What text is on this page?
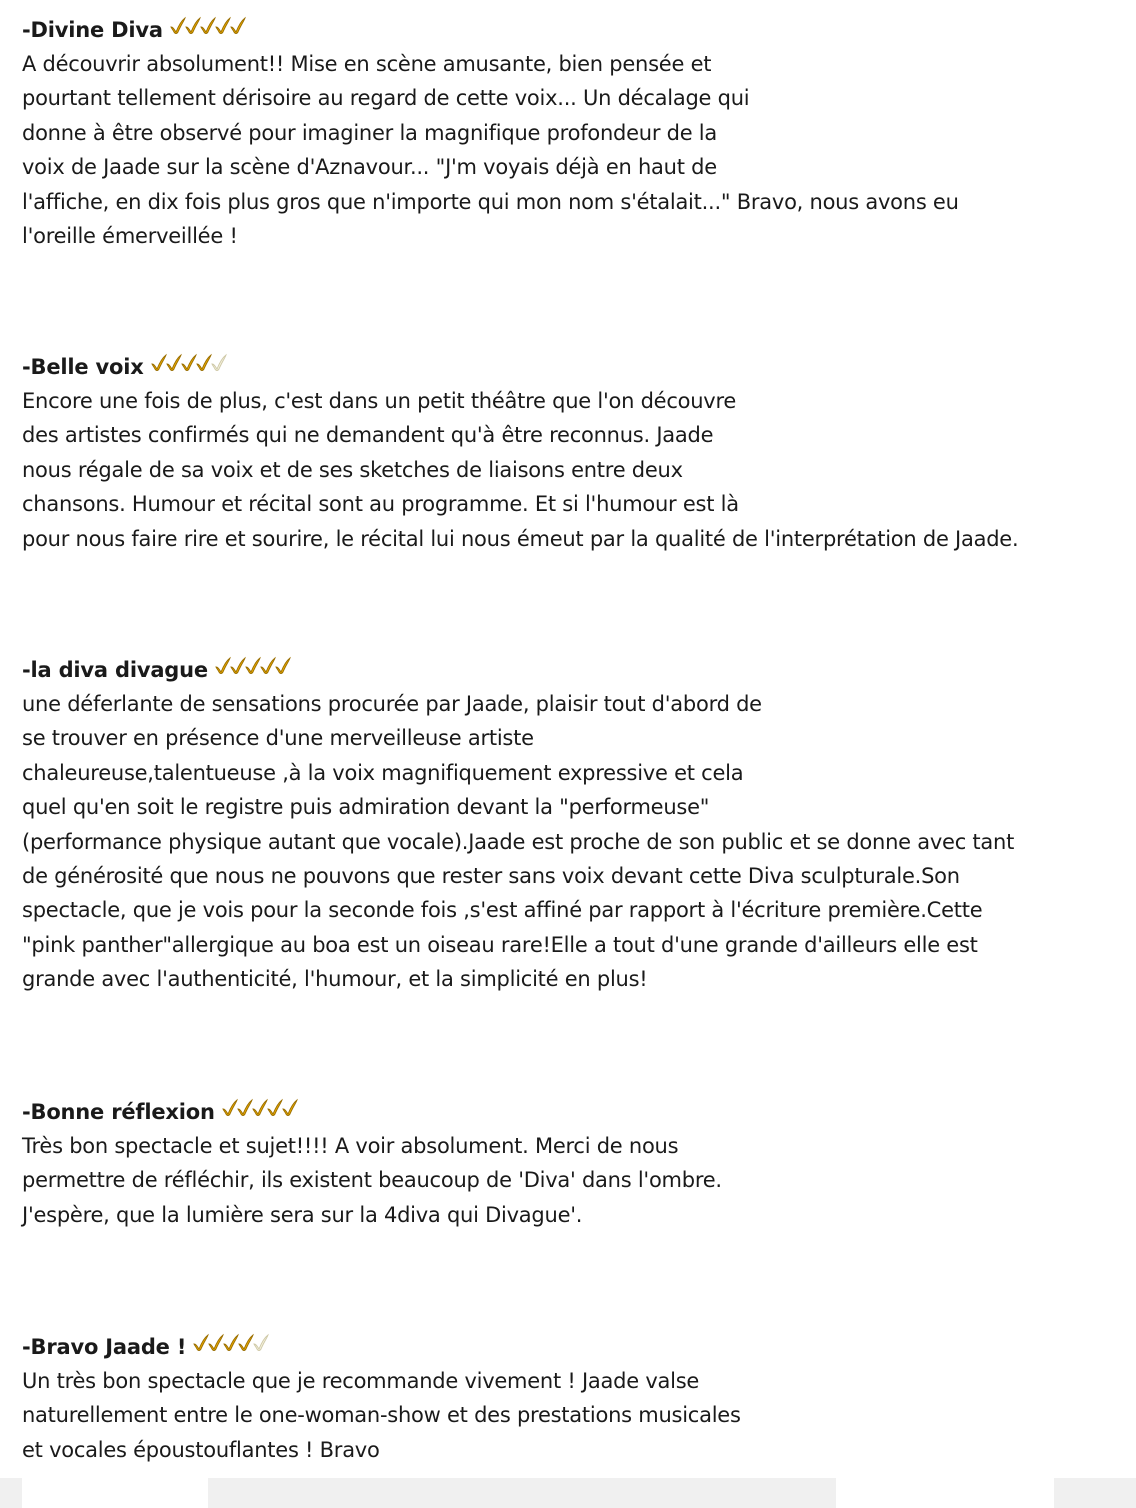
-Divine Diva
A découvrir absolument!! Mise en scène amusante, bien pensée et
pourtant tellement dérisoire au regard de cette voix... Un décalage qui
donne à être observé pour imaginer la magnifique profondeur de la
voix de Jaade sur la scène d'Aznavour... "J'm voyais déjà en haut de
l'affiche, en dix fois plus gros que n'importe qui mon nom s'étalait..." Bravo, nous avons eu
l'oreille émerveillée !
-Belle voix
Encore une fois de plus, c'est dans un petit théâtre que l'on découvre
des artistes confirmés qui ne demandent qu'à être reconnus. Jaade
nous régale de sa voix et de ses sketches de liaisons entre deux
chansons. Humour et récital sont au programme. Et si l'humour est là
pour nous faire rire et sourire, le récital lui nous émeut par la qualité de l'interprétation de Jaade.
-la diva divague
une déferlante de sensations procurée par Jaade, plaisir tout d'abord de
se trouver en présence d'une merveilleuse artiste
chaleureuse,talentueuse ,à la voix magnifiquement expressive et cela
quel qu'en soit le registre puis admiration devant la "performeuse"
(performance physique autant que vocale).Jaade est proche de son public et se donne avec tant
de générosité que nous ne pouvons que rester sans voix devant cette Diva sculpturale.Son
spectacle, que je vois pour la seconde fois ,s'est affiné par rapport à l'écriture première.Cette
"pink panther"allergique au boa est un oiseau rare!Elle a tout d'une grande d'ailleurs elle est
grande avec l'authenticité, l'humour, et la simplicité en plus!
-Bonne réflexion
Très bon spectacle et sujet!!!! A voir absolument. Merci de nous
permettre de réfléchir, ils existent beaucoup de 'Diva' dans l'ombre.
J'espère, que la lumière sera sur la 4diva qui Divague'.
-Bravo Jaade !
Un très bon spectacle que je recommande vivement ! Jaade valse
naturellement entre le one-woman-show et des prestations musicales
et vocales époustouflantes ! Bravo
